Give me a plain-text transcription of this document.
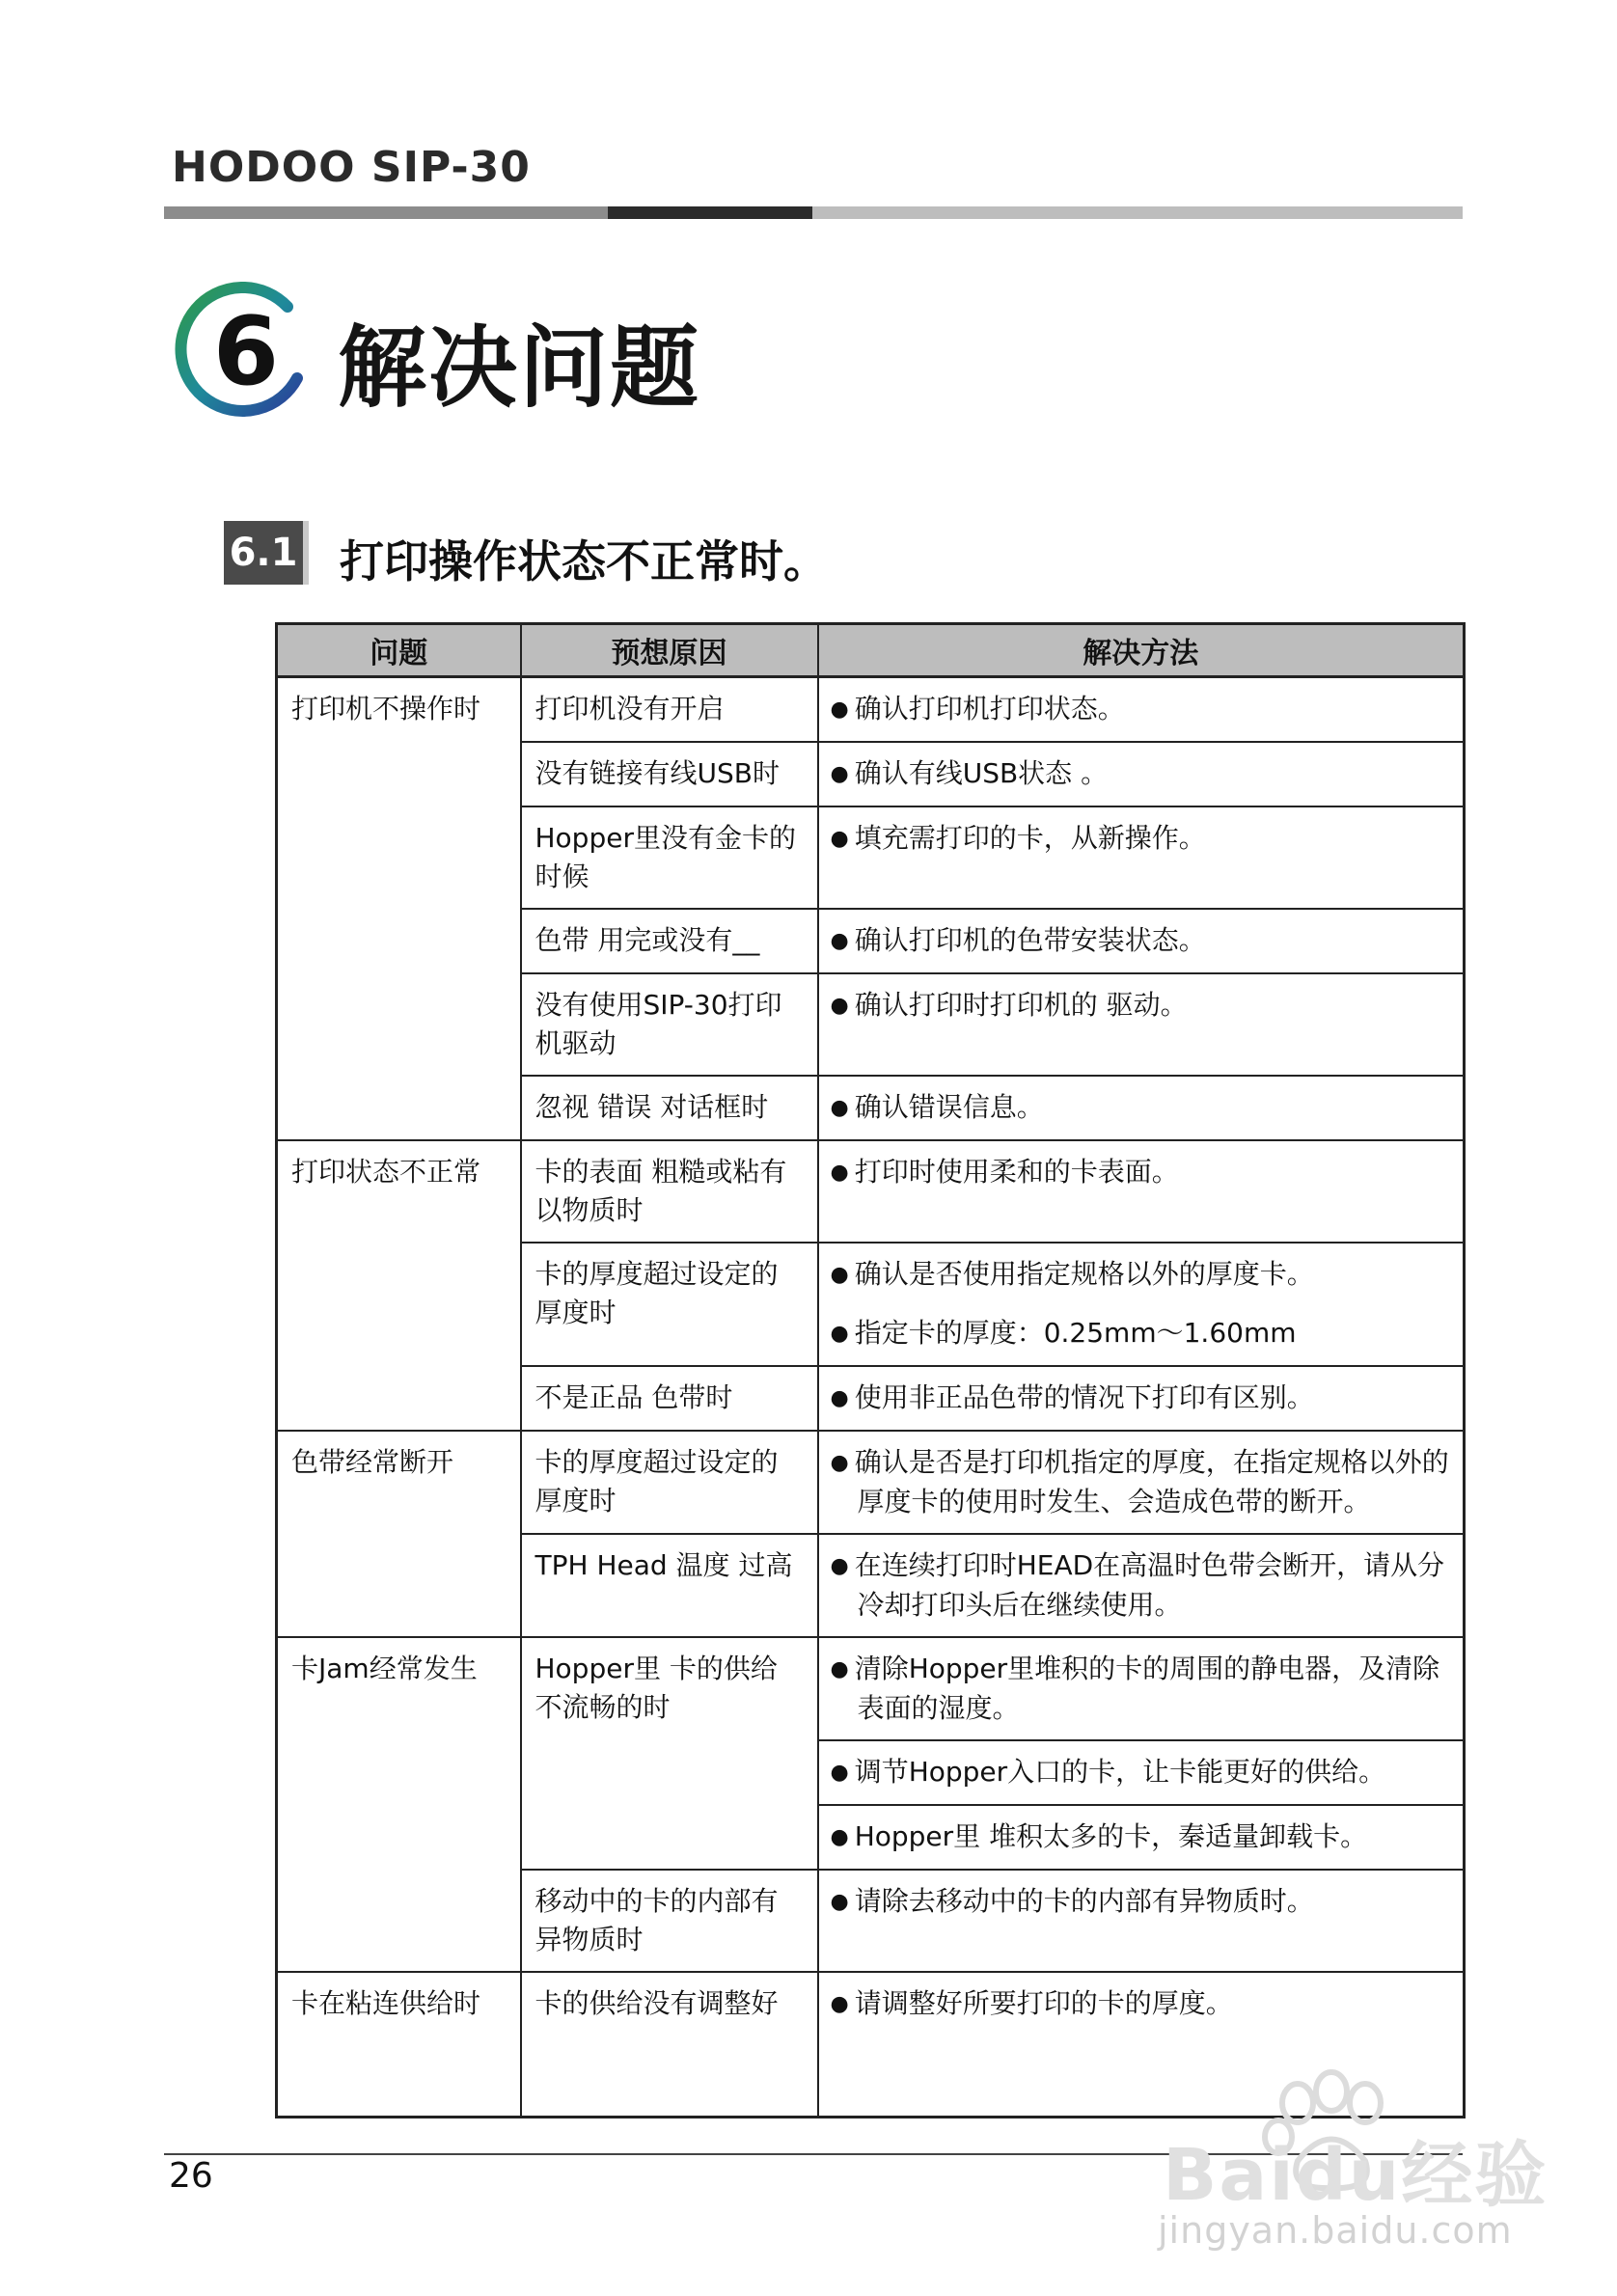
HODOO SIP-30
6 解决问题
6.1 打印操作状态不正常时。
问题	预想原因	解决方法
打印机不操作时	打印机没有开启	● 确认打印机打印状态。

	没有链接有线USB时	● 确认有线USB状态 。

	Hopper里没有金卡的时候	● 填充需打印的卡，从新操作。

	色带 用完或没有__	● 确认打印机的色带安装状态。

	没有使用SIP-30打印机驱动	● 确认打印时打印机的 驱动。

	忽视 错误 对话框时	● 确认错误信息。

打印状态不正常	卡的表面 粗糙或粘有以物质时	● 打印时使用柔和的卡表面。

	卡的厚度超过设定的厚度时	● 确认是否使用指定规格以外的厚度卡。
● 指定卡的厚度：0.25mm～1.60mm

	不是正品 色带时	● 使用非正品色带的情况下打印有区别。

色带经常断开	卡的厚度超过设定的厚度时	● 确认是否是打印机指定的厚度，在指定规格以外的厚度卡的使用时发生、会造成色带的断开。

	TPH Head 温度 过高	● 在连续打印时HEAD在高温时色带会断开，请从分冷却打印头后在继续使用。

卡Jam经常发生	Hopper里 卡的供给 不流畅的时	● 清除Hopper里堆积的卡的周围的静电器，及清除表面的湿度。

		● 调节Hopper入口的卡，让卡能更好的供给。

		● Hopper里 堆积太多的卡，秦适量卸载卡。

	移动中的卡的内部有异物质时	● 请除去移动中的卡的内部有异物质时。

卡在粘连供给时	卡的供给没有调整好	● 请调整好所要打印的卡的厚度。
26	Baidu经验
jingyan.baidu.com
